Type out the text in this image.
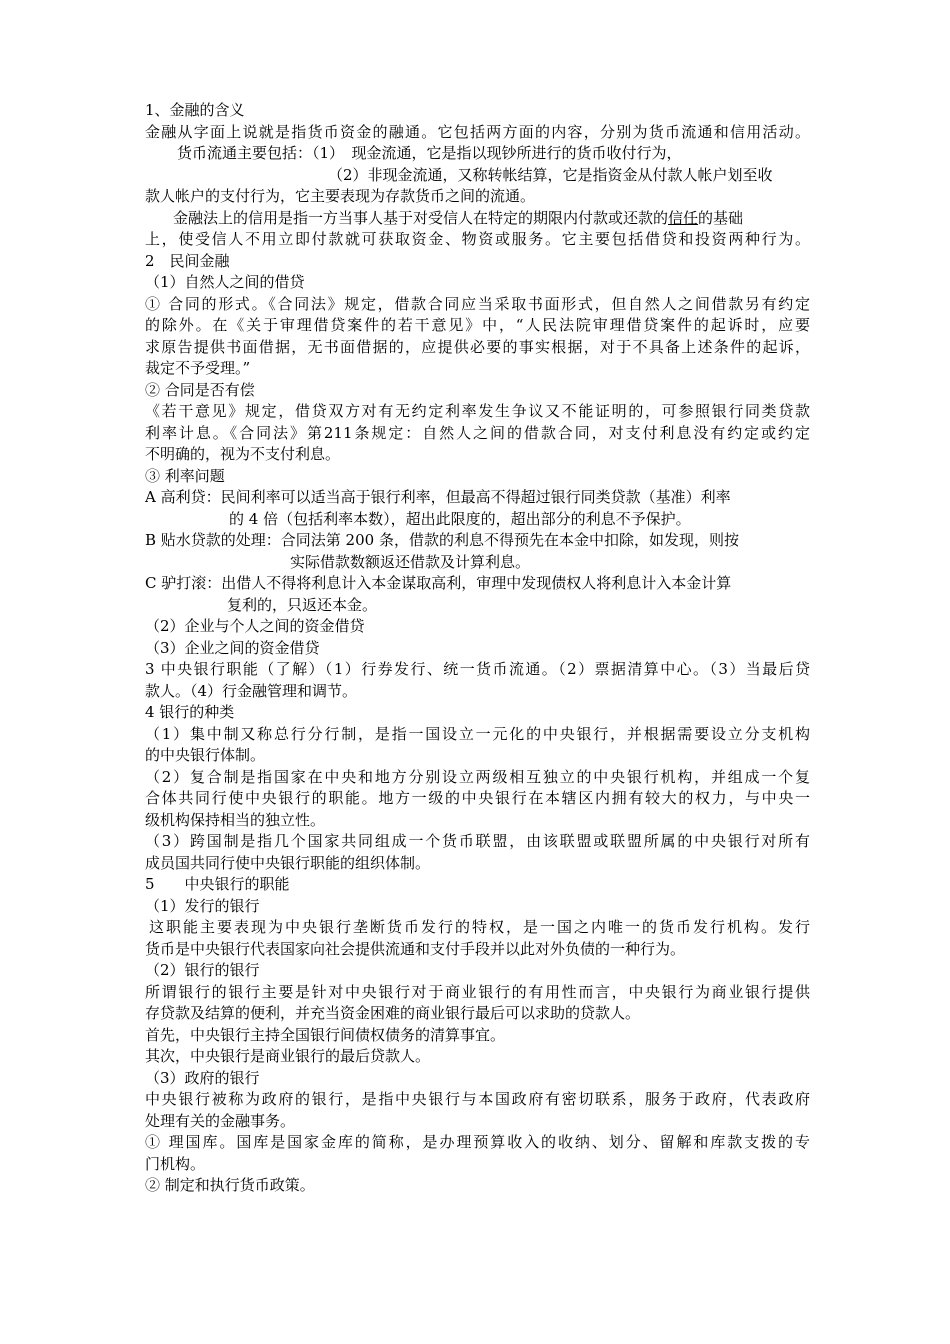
1、金融的含义
金融从字面上说就是指货币资金的融通。它包括两方面的内容，分别为货币流通和信用活动。
货币流通主要包括：（1）　现金流通，它是指以现钞所进行的货币收付行为，
（2）非现金流通，又称转帐结算，它是指资金从付款人帐户划至收
款人帐户的支付行为，它主要表现为存款货币之间的流通。
金融法上的信用是指一方当事人基于对受信人在特定的期限内付款或还款的信任的基础
上，使受信人不用立即付款就可获取资金、物资或服务。它主要包括借贷和投资两种行为。
2　民间金融
（1）自然人之间的借贷
① 合同的形式。《合同法》规定，借款合同应当采取书面形式，但自然人之间借款另有约定
的除外。在《关于审理借贷案件的若干意见》中，“人民法院审理借贷案件的起诉时，应要
求原告提供书面借据，无书面借据的，应提供必要的事实根据，对于不具备上述条件的起诉，
裁定不予受理。”
② 合同是否有偿
《若干意见》规定，借贷双方对有无约定利率发生争议又不能证明的，可参照银行同类贷款
利率计息。《合同法》第211条规定：自然人之间的借款合同，对支付利息没有约定或约定
不明确的，视为不支付利息。
③ 利率问题
A 高利贷：民间利率可以适当高于银行利率，但最高不得超过银行同类贷款（基准）利率
的 4 倍（包括利率本数），超出此限度的，超出部分的利息不予保护。
B 贴水贷款的处理：合同法第 200 条，借款的利息不得预先在本金中扣除，如发现，则按
实际借款数额返还借款及计算利息。
C 驴打滚：出借人不得将利息计入本金谋取高利，审理中发现债权人将利息计入本金计算
复利的，只返还本金。
（2）企业与个人之间的资金借贷
（3）企业之间的资金借贷
3 中央银行职能（了解）（1）行券发行、统一货币流通。（2）票据清算中心。（3）当最后贷
款人。（4）行金融管理和调节。
4 银行的种类
（1）集中制又称总行分行制，是指一国设立一元化的中央银行，并根据需要设立分支机构
的中央银行体制。
（2）复合制是指国家在中央和地方分别设立两级相互独立的中央银行机构，并组成一个复
合体共同行使中央银行的职能。地方一级的中央银行在本辖区内拥有较大的权力，与中央一
级机构保持相当的独立性。
（3）跨国制是指几个国家共同组成一个货币联盟，由该联盟或联盟所属的中央银行对所有
成员国共同行使中央银行职能的组织体制。
5　　中央银行的职能
（1）发行的银行
这职能主要表现为中央银行垄断货币发行的特权，是一国之内唯一的货币发行机构。发行
货币是中央银行代表国家向社会提供流通和支付手段并以此对外负债的一种行为。
（2）银行的银行
所谓银行的银行主要是针对中央银行对于商业银行的有用性而言，中央银行为商业银行提供
存贷款及结算的便利，并充当资金困难的商业银行最后可以求助的贷款人。
首先，中央银行主持全国银行间债权债务的清算事宜。
其次，中央银行是商业银行的最后贷款人。
（3）政府的银行
中央银行被称为政府的银行，是指中央银行与本国政府有密切联系，服务于政府，代表政府
处理有关的金融事务。
① 理国库。国库是国家金库的简称，是办理预算收入的收纳、划分、留解和库款支拨的专
门机构。
② 制定和执行货币政策。
